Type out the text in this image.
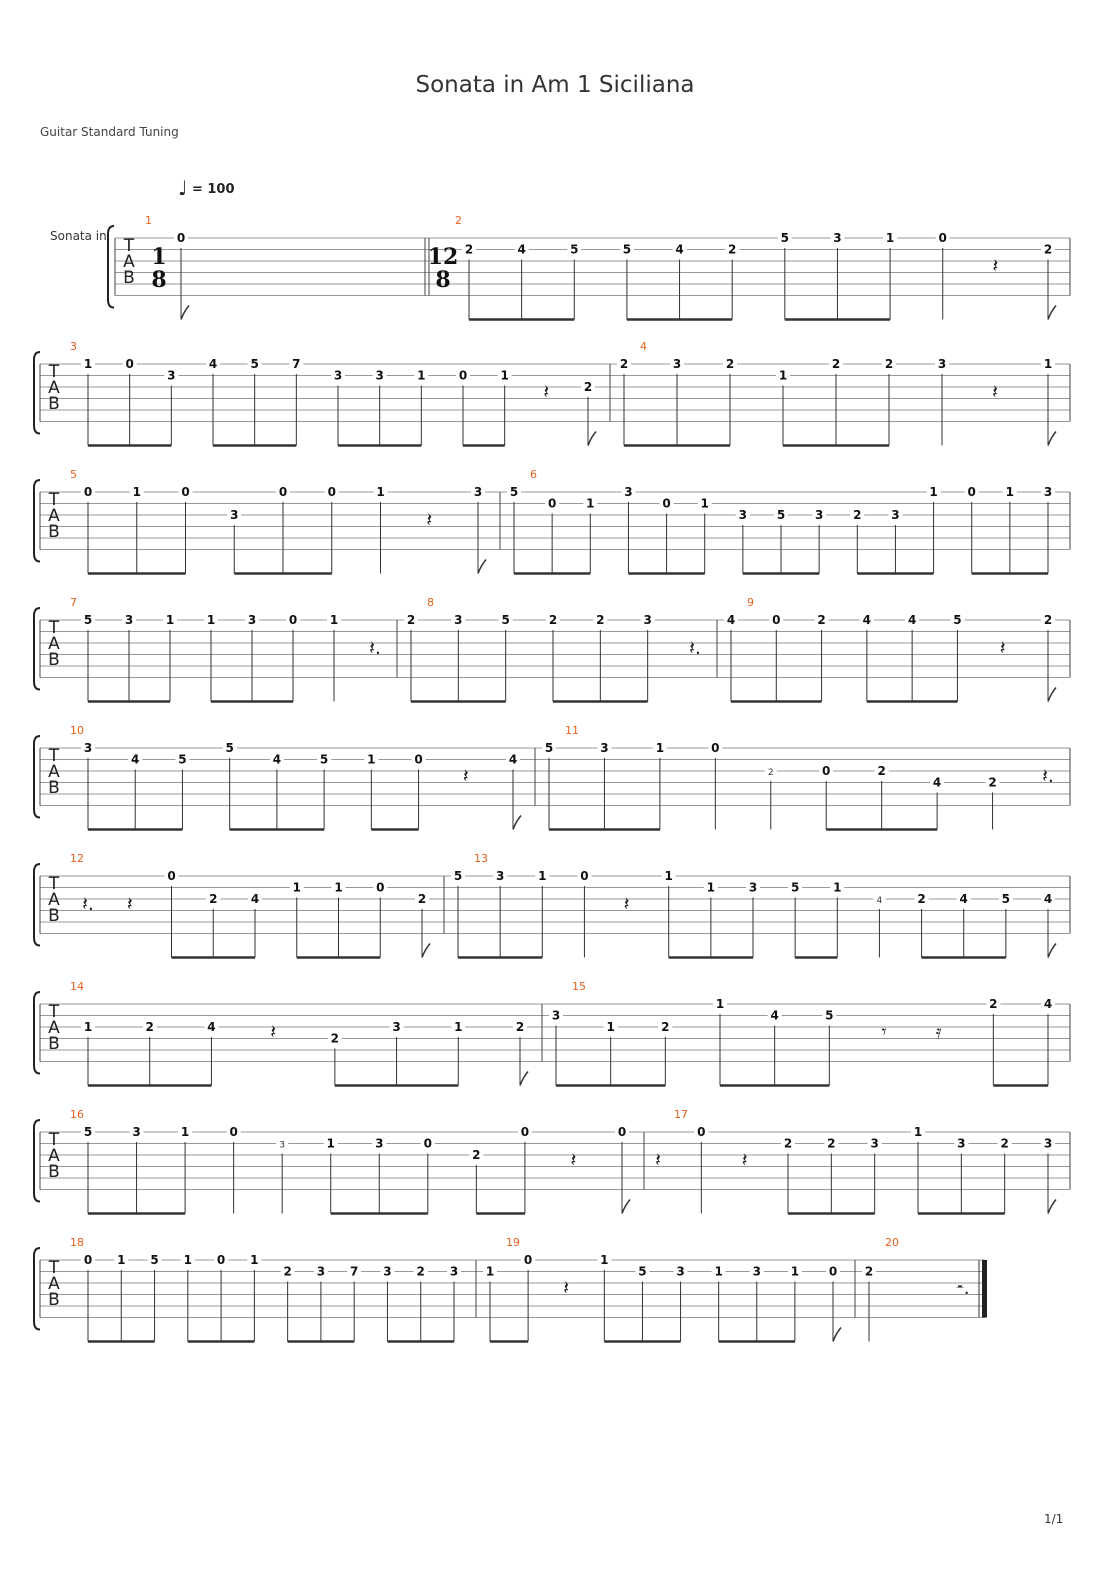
Sonata in Am 1 Siciliana
Guitar Standard Tuning
♩ = 100
Sonata in T
A
B
1
1
8
0
2
12
8
2	4	5	5	4	2
5	3	1	0
𝄽
2
T
A
B
3
1	0
3
4	5	7
3	3	1	0	1
𝄽	2
4
2	3	2
1
2	2	3
𝄽
1
T
A
B
5
0	1	0
3
0	0	1
𝄽
3
6
5
0 1
3
0 1
3 5 3 2 3
1 0 1 3
T
A
B
7
5	3	1	1	3	0	1
𝄽.
8
2	3	5	2	2	3
𝄽.
9
4	0	2	4	4	5
𝄽
2
T
A
B
10
3
4	5
5
4	5	1	0
𝄽
4
11
5	3	1	0
2	0	2
4	2 𝄽.
T
A
B
12
𝄽. 𝄽
0
2	4
1	1	0
2
13
5	3	1	0
𝄽
1
1	3	5	1
4	2	4	5	4
T
A
B
14
1	2	4	𝄽	2
3	1	2
15
3
1	2
1
4	5
𝄾	𝄿
2	4
T
A
B
16
5	3	1	0
3	1	3	0
2
0
𝄽
0
17
𝄽
0
𝄽
2	2	3
1
3	2	3
T
A
B
18
0 1 5 1 0 1
2 3 7 3 2 3
19
1
0
𝄽
1
5 3 1 3 1 0
20
2
𝄼.
1/1
